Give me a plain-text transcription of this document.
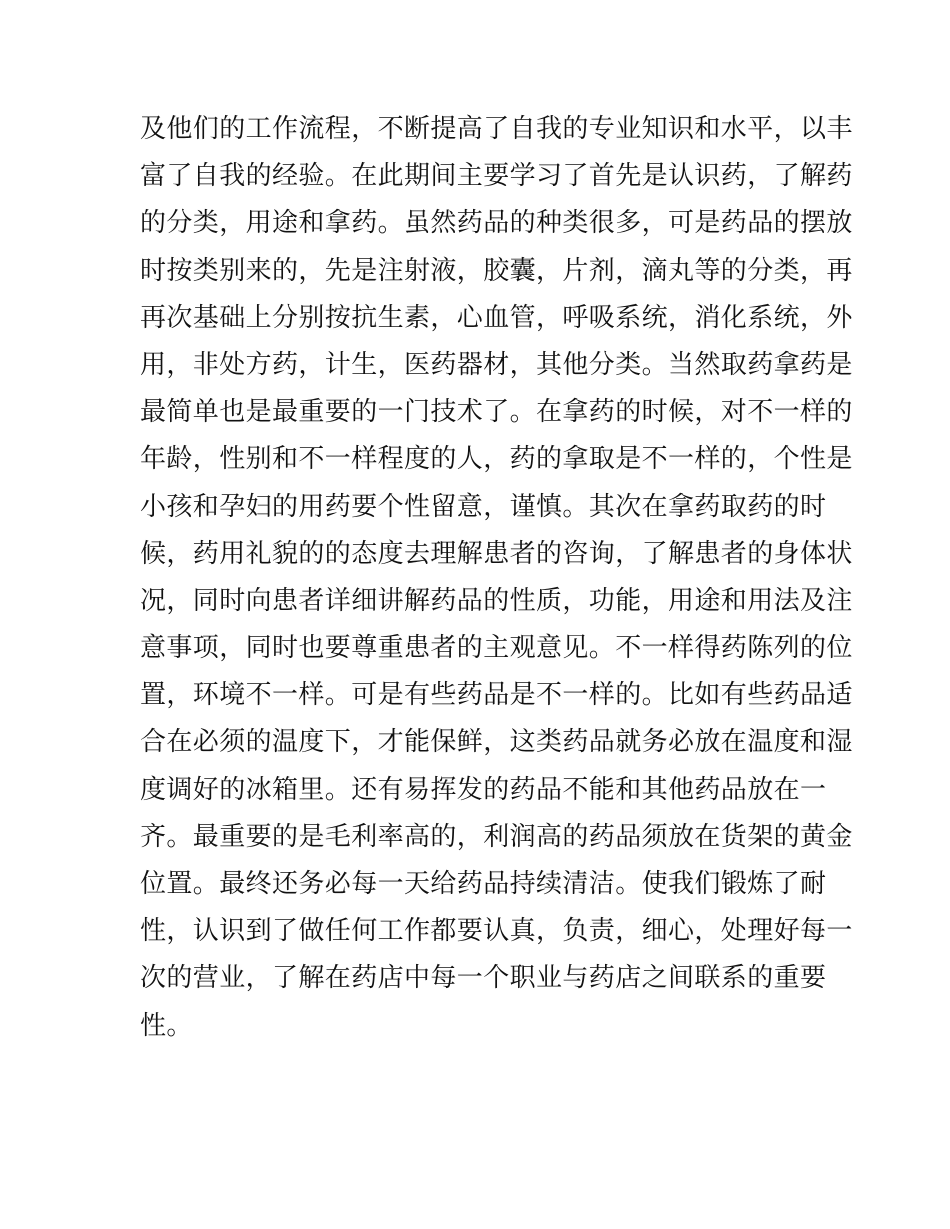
及他们的工作流程，不断提高了自我的专业知识和水平，以丰
富了自我的经验。在此期间主要学习了首先是认识药，了解药
的分类，用途和拿药。虽然药品的种类很多，可是药品的摆放
时按类别来的，先是注射液，胶囊，片剂，滴丸等的分类，再
再次基础上分别按抗生素，心血管，呼吸系统，消化系统，外
用，非处方药，计生，医药器材，其他分类。当然取药拿药是
最简单也是最重要的一门技术了。在拿药的时候，对不一样的
年龄，性别和不一样程度的人，药的拿取是不一样的，个性是
小孩和孕妇的用药要个性留意，谨慎。其次在拿药取药的时
候，药用礼貌的的态度去理解患者的咨询，了解患者的身体状
况，同时向患者详细讲解药品的性质，功能，用途和用法及注
意事项，同时也要尊重患者的主观意见。不一样得药陈列的位
置，环境不一样。可是有些药品是不一样的。比如有些药品适
合在必须的温度下，才能保鲜，这类药品就务必放在温度和湿
度调好的冰箱里。还有易挥发的药品不能和其他药品放在一
齐。最重要的是毛利率高的，利润高的药品须放在货架的黄金
位置。最终还务必每一天给药品持续清洁。使我们锻炼了耐
性，认识到了做任何工作都要认真，负责，细心，处理好每一
次的营业，了解在药店中每一个职业与药店之间联系的重要
性。
